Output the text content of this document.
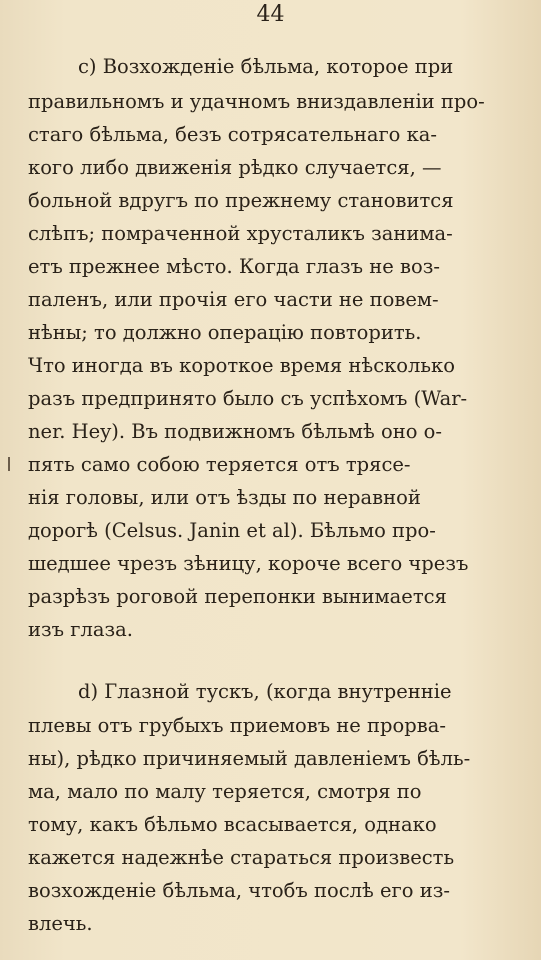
44
c) Возхожденіе бѣльма, которое при
правильномъ и удачномъ вниздавленіи про-
стаго бѣльма, безъ сотрясательнаго ка-
кого либо движенія рѣдко случается, —
больной вдругъ по прежнему становится
слѣпъ; помраченной хрусталикъ занима-
етъ прежнее мѣсто. Когда глазъ не воз-
паленъ, или прочія его части не повем-
нѣны; то должно операцію повторить.
Что иногда въ короткое время нѣсколько
разъ предпринято было съ успѣхомъ (War-
ner. Hey). Въ подвижномъ бѣльмѣ оно о-
пять само собою теряется отъ трясе-
нія головы, или отъ ѣзды по неравной
дорогѣ (Celsus. Janin et al). Бѣльмо про-
шедшее чрезъ зѣницу, короче всего чрезъ
разрѣзъ роговой перепонки вынимается
изъ глаза.
d) Глазной тускъ, (когда внутренніе
плевы отъ грубыхъ приемовъ не прорва-
ны), рѣдко причиняемый давленіемъ бѣль-
ма, мало по малу теряется, смотря по
тому, какъ бѣльмо всасывается, однако
кажется надежнѣе стараться произвесть
возхожденіе бѣльма, чтобъ послѣ его из-
влечь.
